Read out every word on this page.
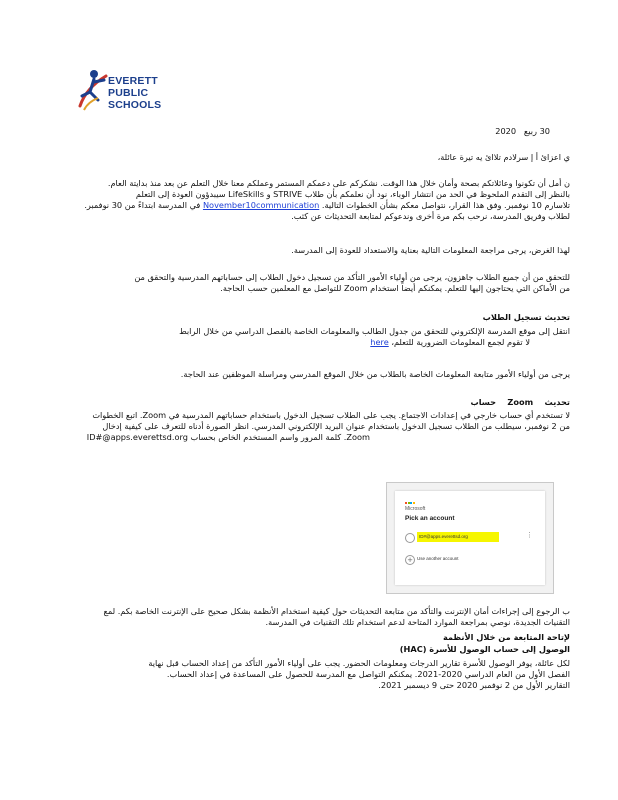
EVERETT
PUBLIC
SCHOOLS
30 ربيع   2020
ي اعزائ أ إ سرلادم تلاائ يه تيرة عائلة،
ن أمل أن تكونوا وعائلاتكم بصحة وأمان خلال هذا الوقت. نشكركم على دعمكم المستمر وعملكم معنا خلال التعلم عن بعد منذ بدايتة العام.
بالنظر إلى التقدم الملحوظ في الحد من انتشار الوباء، نود أن نعلمكم بأن طلاب STRIVE و LifeSkills سيبدؤون العودة إلى التعلم
تلاسارم 10 نوفمبر. وفق هذا القرار، نتواصل معكم بشأن الخطوات التالية. November10communication في المدرسة ابتداءً من 30 نوفمبر.
لطلاب وفريق المدرسة، نرحب بكم مرة أخرى وندعوكم لمتابعة التحديثات عن كثب.
لهذا الغرض، يرجى مراجعة المعلومات التالية بعناية والاستعداد للعودة إلى المدرسة.
للتحقق من أن جميع الطلاب جاهزون، يرجى من أولياء الأمور التأكد من تسجيل دخول الطلاب إلى حساباتهم المدرسية والتحقق من
من الأماكن التي يحتاجون إليها للتعلم. يمكنكم أيضاً استخدام Zoom للتواصل مع المعلمين حسب الحاجة.
تحديث تسجيل الطلاب
انتقل إلى موقع المدرسة الإلكتروني للتحقق من جدول الطالب والمعلومات الخاصة بالفصل الدراسي من خلال الرابط
لا تقوم لجمع المعلومات الضرورية للتعلم، here
يرجى من أولياء الأمور متابعة المعلومات الخاصة بالطلاب من خلال الموقع المدرسي ومراسلة الموظفين عند الحاجة.
تحديث    Zoom    حساب
لا تستخدم أي حساب خارجي في إعدادات الاجتماع. يجب على الطلاب تسجيل الدخول باستخدام حساباتهم المدرسية في Zoom. اتبع الخطوات
من 2 نوفمبر، سيطلب من الطلاب تسجيل الدخول باستخدام عنوان البريد الإلكتروني المدرسي. انظر الصورة أدناه للتعرف على كيفية إدخال
Zoom. كلمة المرور واسم المستخدم الخاص بحساب ID#@apps.everettsd.org
Microsoft
Pick an account
ID#@apps.everettsd.org	⋮
+ Use another account
ب الرجوع إلى إجراءات أمان الإنترنت والتأكد من متابعة التحديثات حول كيفية استخدام الأنظمة بشكل صحيح على الإنترنت الخاصة بكم. لمع
التقنيات الجديدة، نوصي بمراجعة الموارد المتاحة لدعم استخدام تلك التقنيات في المدرسة.
الوصول إلى حساب الوصول للأسرة (HAC)
لكل عائلة، يوفر الوصول للأسرة تقارير الدرجات ومعلومات الحضور. يجب على أولياء الأمور التأكد من إعداد الحساب قبل نهاية
الفصل الأول من العام الدراسي 2020-2021. يمكنكم التواصل مع المدرسة للحصول على المساعدة في إعداد الحساب.
التقارير الأول من 2 نوفمبر 2020 حتى 9 ديسمبر 2021.
لإتاحة المتابعة من خلال الأنظمة
